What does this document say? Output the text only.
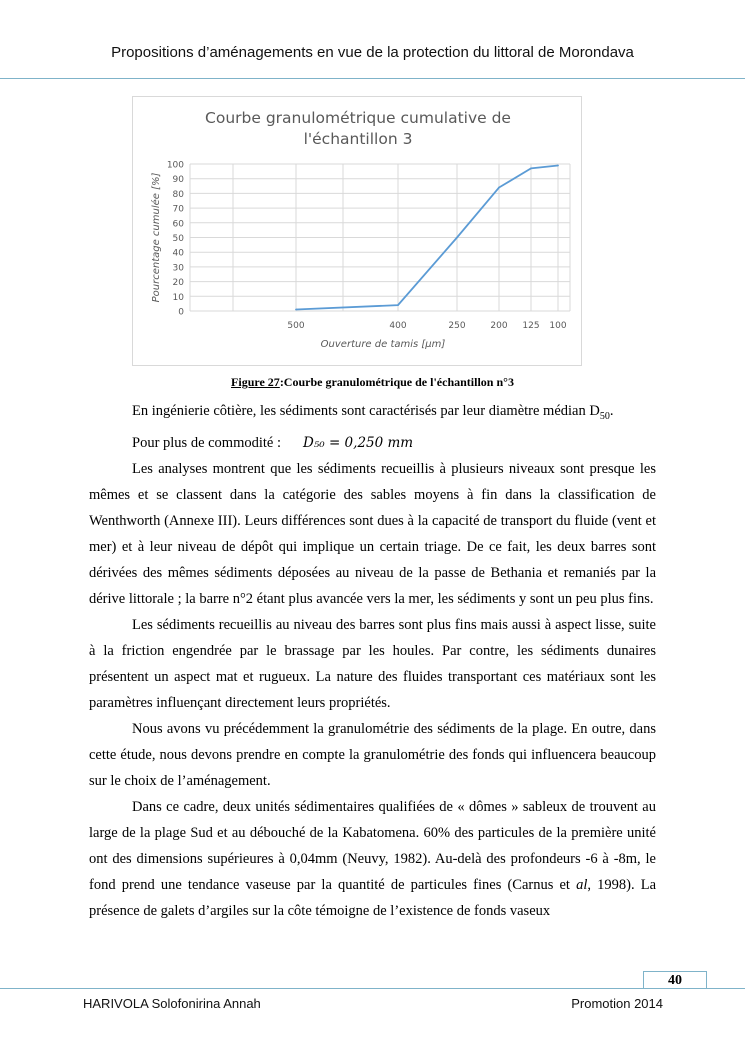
Propositions d’aménagements en vue de la protection du littoral de Morondava
Courbe granulométrique cumulative de
l'échantillon 3
0
10
20
30
40
50
60
70
80
90
100
500	400	250	200 125 100
Ouverture de tamis [µm]
Pourcentage cumulée [%]
Figure 27:Courbe granulométrique de l'échantillon n°3

En ingénierie côtière, les sédiments sont caractérisés par leur diamètre médian $D_{50}$.

Pour plus de commodité : D₅₀ = 0,250 mm

Les analyses montrent que les sédiments recueillis à plusieurs niveaux sont presque les mêmes et se classent dans la catégorie des sables moyens à fin dans la classification de Wenthworth (Annexe III). Leurs différences sont dues à la capacité de transport du fluide (vent et mer) et à leur niveau de dépôt qui implique un certain triage. De ce fait, les deux barres sont dérivées des mêmes sédiments déposées au niveau de la passe de Bethania et remaniés par la dérive littorale ; la barre n°2 étant plus avancée vers la mer, les sédiments y sont un peu plus fins.

Les sédiments recueillis au niveau des barres sont plus fins mais aussi à aspect lisse, suite à la friction engendrée par le brassage par les houles. Par contre, les sédiments dunaires présentent un aspect mat et rugueux. La nature des fluides transportant ces matériaux sont les paramètres influençant directement leurs propriétés.

Nous avons vu précédemment la granulométrie des sédiments de la plage. En outre, dans cette étude, nous devons prendre en compte la granulométrie des fonds qui influencera beaucoup sur le choix de l’aménagement.

Dans ce cadre, deux unités sédimentaires qualifiées de « dômes » sableux de trouvent au large de la plage Sud et au débouché de la Kabatomena. 60% des particules de la première unité ont des dimensions supérieures à 0,04mm (Neuvy, 1982). Au-delà des profondeurs -6 à -8m, le fond prend une tendance vaseuse par la quantité de particules fines (Carnus et al, 1998). La présence de galets d’argiles sur la côte témoigne de l’existence de fonds vaseux

40
HARIVOLA Solofonirina Annah	Promotion 2014
